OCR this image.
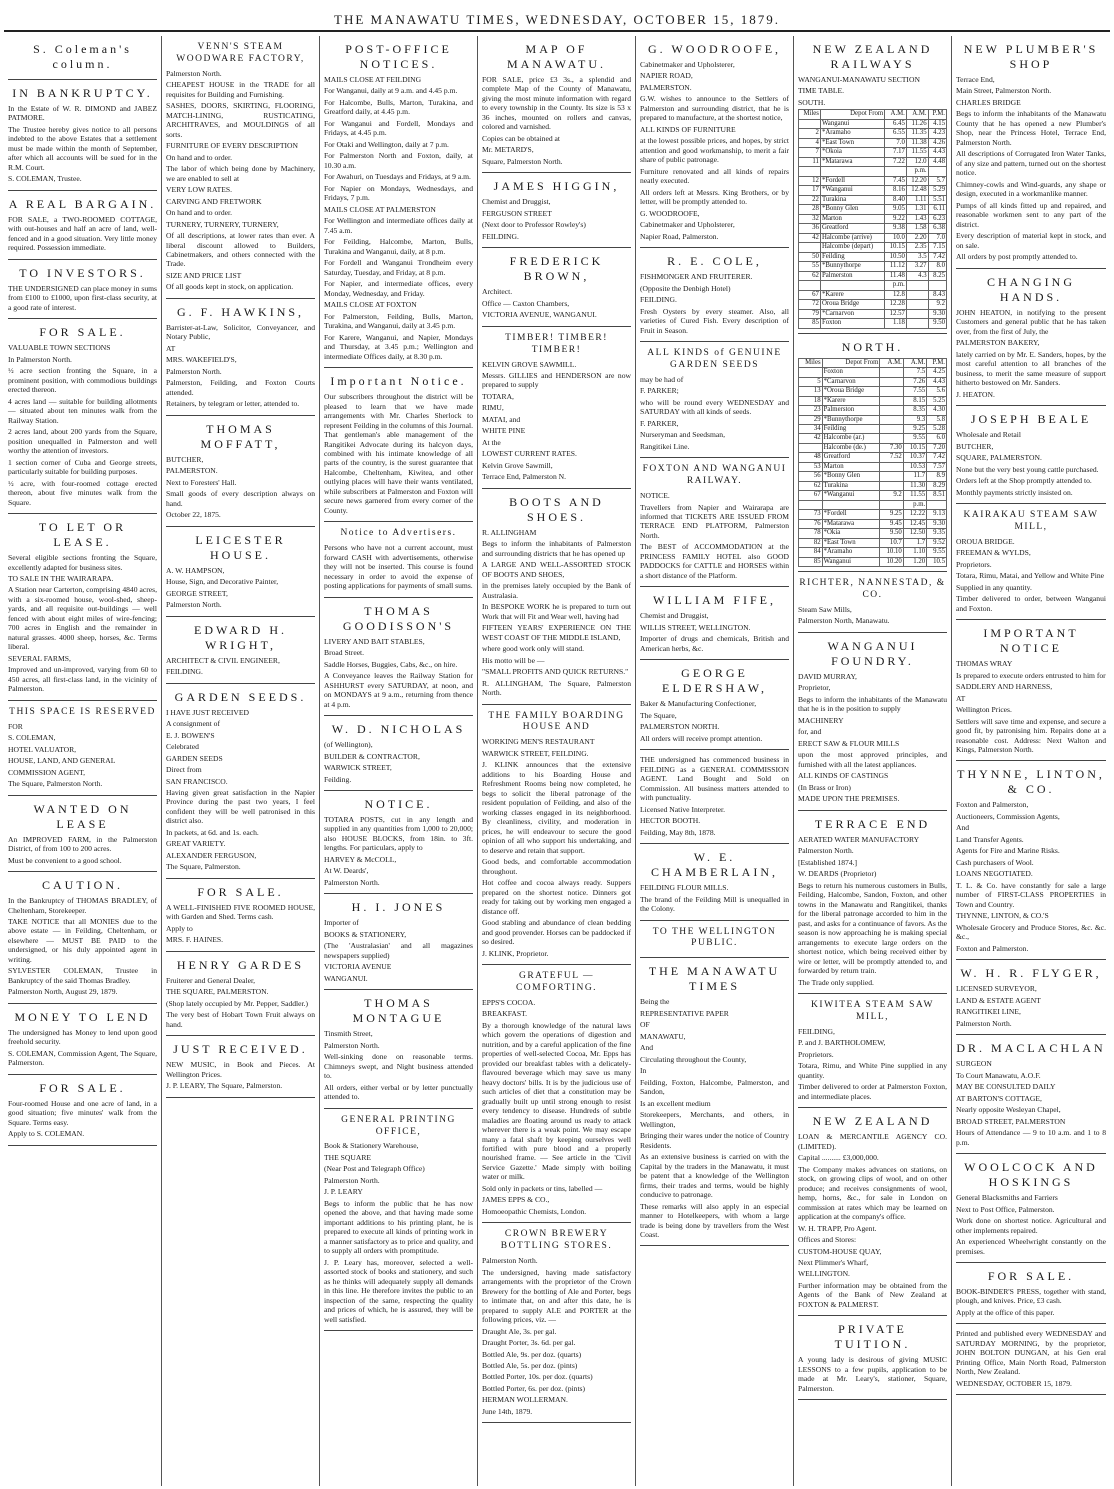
THE MANAWATU TIMES, WEDNESDAY, OCTOBER 15, 1879.
S. Coleman's column.
IN BANKRUPTCY.

In the Estate of W. R. DIMOND and JABEZ PATMORE.

The Trustee hereby gives notice to all persons indebted to the above Estates that a settlement must be made within the month of September, after which all accounts will be sued for in the R.M. Court.

S. COLEMAN, Trustee.

A REAL BARGAIN.

FOR SALE, a TWO-ROOMED COTTAGE, with out-houses and half an acre of land, well-fenced and in a good situation. Very little money required. Possession immediate.

TO INVESTORS.

THE UNDERSIGNED can place money in sums from £100 to £1000, upon first-class security, at a good rate of interest.

FOR SALE.

VALUABLE TOWN SECTIONS

In Palmerston North.

½ acre section fronting the Square, in a prominent position, with commodious buildings erected thereon.

4 acres land — suitable for building allotments — situated about ten minutes walk from the Railway Station.

2 acres land, about 200 yards from the Square, position unequalled in Palmerston and well worthy the attention of investors.

1 section corner of Cuba and George streets, particularly suitable for building purposes.

½ acre, with four-roomed cottage erected thereon, about five minutes walk from the Square.

TO LET OR LEASE.

Several eligible sections fronting the Square, excellently adapted for business sites.

TO SALE IN THE WAIRARAPA.

A Station near Carterton, comprising 4840 acres, with a six-roomed house, wool-shed, sheep-yards, and all requisite out-buildings — well fenced with about eight miles of wire-fencing; 700 acres in English and the remainder in natural grasses. 4000 sheep, horses, &c. Terms liberal.

SEVERAL FARMS,

Improved and un-improved, varying from 60 to 450 acres, all first-class land, in the vicinity of Palmerston.

THIS SPACE IS RESERVED

FOR

S. COLEMAN,

HOTEL VALUATOR,

HOUSE, LAND, AND GENERAL

COMMISSION AGENT,

The Square, Palmerston North.

WANTED ON LEASE

An IMPROVED FARM, in the Palmerston District, of from 100 to 200 acres.

Must be convenient to a good school.

CAUTION.

In the Bankruptcy of THOMAS BRADLEY, of Cheltenham, Storekeeper.

TAKE NOTICE that all MONIES due to the above estate — in Feilding, Cheltenham, or elsewhere — MUST BE PAID to the undersigned, or his duly appointed agent in writing.

SYLVESTER COLEMAN, Trustee in Bankruptcy of the said Thomas Bradley.

Palmerston North, August 29, 1879.

MONEY TO LEND

The undersigned has Money to lend upon good freehold security.

S. COLEMAN, Commission Agent, The Square, Palmerston.

FOR SALE.

Four-roomed House and one acre of land, in a good situation; five minutes' walk from the Square. Terms easy.

Apply to S. COLEMAN.

VENN'S STEAM WOODWARE FACTORY,

Palmerston North.

CHEAPEST HOUSE in the TRADE for all requisites for Building and Furnishing.

SASHES, DOORS, SKIRTING, FLOORING, MATCH-LINING, RUSTICATING, ARCHITRAVES, and MOULDINGS of all sorts.

FURNITURE OF EVERY DESCRIPTION

On hand and to order.

The labor of which being done by Machinery, we are enabled to sell at

VERY LOW RATES.

CARVING AND FRETWORK

On hand and to order.

TURNERY, TURNERY, TURNERY,

Of all descriptions, at lower rates than ever. A liberal discount allowed to Builders, Cabinetmakers, and others connected with the Trade.

SIZE AND PRICE LIST

Of all goods kept in stock, on application.

G. F. HAWKINS,

Barrister-at-Law, Solicitor, Conveyancer, and Notary Public,

AT

MRS. WAKEFIELD'S,

Palmerston North.

Palmerston, Feilding, and Foxton Courts attended.

Retainers, by telegram or letter, attended to.

THOMAS MOFFATT,

BUTCHER,

PALMERSTON.

Next to Foresters' Hall.

Small goods of every description always on hand.

October 22, 1875.

LEICESTER HOUSE.

A. W. HAMPSON,

House, Sign, and Decorative Painter,

GEORGE STREET,

Palmerston North.

EDWARD H. WRIGHT,

ARCHITECT & CIVIL ENGINEER,

FEILDING.

GARDEN SEEDS.

I HAVE JUST RECEIVED

A consignment of

E. J. BOWEN'S

Celebrated

GARDEN SEEDS

Direct from

SAN FRANCISCO.

Having given great satisfaction in the Napier Province during the past two years, I feel confident they will be well patronised in this district also.

In packets, at 6d. and 1s. each.

GREAT VARIETY.

ALEXANDER FERGUSON,

The Square, Palmerston.

FOR SALE.

A WELL-FINISHED FIVE ROOMED HOUSE, with Garden and Shed. Terms cash.

Apply to

MRS. F. HAINES.

HENRY GARDES

Fruiterer and General Dealer,

THE SQUARE, PALMERSTON.

(Shop lately occupied by Mr. Pepper, Saddler.)

The very best of Hobart Town Fruit always on hand.

JUST RECEIVED.

NEW MUSIC, in Book and Pieces. At Wellington Prices.

J. P. LEARY, The Square, Palmerston.

POST-OFFICE NOTICES.

MAILS CLOSE AT FEILDING

For Wanganui, daily at 9 a.m. and 4.45 p.m.

For Halcombe, Bulls, Marton, Turakina, and Greatford daily, at 4.45 p.m.

For Wanganui and Fordell, Mondays and Fridays, at 4.45 p.m.

For Otaki and Wellington, daily at 7 p.m.

For Palmerston North and Foxton, daily, at 10.30 a.m.

For Awahuri, on Tuesdays and Fridays, at 9 a.m.

For Napier on Mondays, Wednesdays, and Fridays, 7 p.m.

MAILS CLOSE AT PALMERSTON

For Wellington and intermediate offices daily at 7.45 a.m.

For Feilding, Halcombe, Marton, Bulls, Turakina and Wanganui, daily, at 8 p.m.

For Fordell and Wanganui Trondheim every Saturday, Tuesday, and Friday, at 8 p.m.

For Napier, and intermediate offices, every Monday, Wednesday, and Friday.

MAILS CLOSE AT FOXTON

For Palmerston, Feilding, Bulls, Marton, Turakina, and Wanganui, daily at 3.45 p.m.

For Karere, Wanganui, and Napier, Mondays and Thursday, at 3.45 p.m.; Wellington and intermediate Offices daily, at 8.30 p.m.

Important Notice.

Our subscribers throughout the district will be pleased to learn that we have made arrangements with Mr. Charles Sherlock to represent Feilding in the columns of this Journal. That gentleman's able management of the Rangitikei Advocate during its halcyon days, combined with his intimate knowledge of all parts of the country, is the surest guarantee that Halcombe, Cheltenham, Kiwitea, and other outlying places will have their wants ventilated, while subscribers at Palmerston and Foxton will secure news garnered from every corner of the County.

Notice to Advertisers.

Persons who have not a current account, must forward CASH with advertisements, otherwise they will not be inserted. This course is found necessary in order to avoid the expense of posting applications for payments of small sums.

THOMAS GOODISSON'S

LIVERY AND BAIT STABLES,

Broad Street.

Saddle Horses, Buggies, Cabs, &c., on hire.

A Conveyance leaves the Railway Station for ASHHURST every SATURDAY, at noon, and on MONDAYS at 9 a.m., returning from thence at 4 p.m.

W. D. NICHOLAS

(of Wellington),

BUILDER & CONTRACTOR,

WARWICK STREET,

Feilding.

NOTICE.

TOTARA POSTS, cut in any length and supplied in any quantities from 1,000 to 20,000; also HOUSE BLOCKS, from 18in. to 3ft. lengths. For particulars, apply to

HARVEY & McCOLL,

At W. Deards',

Palmerston North.

H. I. JONES

Importer of

BOOKS & STATIONERY,

(The 'Australasian' and all magazines newspapers supplied)

VICTORIA AVENUE

WANGANUI.

THOMAS MONTAGUE

Tinsmith Street,

Palmerston North.

Well-sinking done on reasonable terms. Chimneys swept, and Night business attended to.

All orders, either verbal or by letter punctually attended to.

GENERAL PRINTING OFFICE,

Book & Stationery Warehouse,

THE SQUARE

(Near Post and Telegraph Office)

Palmerston North.

J. P. LEARY

Begs to inform the public that he has now opened the above, and that having made some important additions to his printing plant, he is prepared to execute all kinds of printing work in a manner satisfactory as to price and quality, and to supply all orders with promptitude.

J. P. Leary has, moreover, selected a well-assorted stock of books and stationery, and such as he thinks will adequately supply all demands in this line. He therefore invites the public to an inspection of the same, respecting the quality and prices of which, he is assured, they will be well satisfied.

MAP OF MANAWATU.

FOR SALE, price £3 3s., a splendid and complete Map of the County of Manawatu, giving the most minute information with regard to every township in the County. Its size is 53 x 36 inches, mounted on rollers and canvas, colored and varnished.

Copies can be obtained at

Mr. METARD'S,

Square, Palmerston North.

JAMES HIGGIN,

Chemist and Druggist,

FERGUSON STREET

(Next door to Professor Rowley's)

FEILDING.

FREDERICK BROWN,

Architect.

Office — Caxton Chambers,

VICTORIA AVENUE, WANGANUI.

TIMBER! TIMBER! TIMBER!

KELVIN GROVE SAWMILL.

Messrs. GILLIES and HENDERSON are now prepared to supply

TOTARA,

RIMU,

MATAI, and

WHITE PINE

At the

LOWEST CURRENT RATES.

Kelvin Grove Sawmill,

Terrace End, Palmerston N.

BOOTS AND SHOES.

R. ALLINGHAM

Begs to inform the inhabitants of Palmerston and surrounding districts that he has opened up

A LARGE AND WELL-ASSORTED STOCK OF BOOTS AND SHOES,

in the premises lately occupied by the Bank of Australasia.

In BESPOKE WORK he is prepared to turn out Work that will Fit and Wear well, having had

FIFTEEN YEARS' EXPERIENCE ON THE WEST COAST OF THE MIDDLE ISLAND,

where good work only will stand.

His motto will be —

"SMALL PROFITS AND QUICK RETURNS."

R. ALLINGHAM, The Square, Palmerston North.

THE FAMILY BOARDING HOUSE AND

WORKING MEN'S RESTAURANT

WARWICK STREET, FEILDING.

J. KLINK announces that the extensive additions to his Boarding House and Refreshment Rooms being now completed, he begs to solicit the liberal patronage of the resident population of Feilding, and also of the working classes engaged in its neighborhood. By cleanliness, civility, and moderation in prices, he will endeavour to secure the good opinion of all who support his undertaking, and to deserve and retain that support.

Good beds, and comfortable accommodation throughout.

Hot coffee and cocoa always ready. Suppers prepared on the shortest notice. Dinners got ready for taking out by working men engaged a distance off.

Good stabling and abundance of clean bedding and good provender. Horses can be paddocked if so desired.

J. KLINK, Proprietor.

GRATEFUL — COMFORTING.

EPPS'S COCOA.

BREAKFAST.

By a thorough knowledge of the natural laws which govern the operations of digestion and nutrition, and by a careful application of the fine properties of well-selected Cocoa, Mr. Epps has provided our breakfast tables with a delicately-flavoured beverage which may save us many heavy doctors' bills. It is by the judicious use of such articles of diet that a constitution may be gradually built up until strong enough to resist every tendency to disease. Hundreds of subtle maladies are floating around us ready to attack wherever there is a weak point. We may escape many a fatal shaft by keeping ourselves well fortified with pure blood and a properly nourished frame. — See article in the 'Civil Service Gazette.' Made simply with boiling water or milk.

Sold only in packets or tins, labelled —

JAMES EPPS & CO.,

Homoeopathic Chemists, London.

CROWN BREWERY BOTTLING STORES.

Palmerston North.

The undersigned, having made satisfactory arrangements with the proprietor of the Crown Brewery for the bottling of Ale and Porter, begs to intimate that, on and after this date, he is prepared to supply ALE and PORTER at the following prices, viz. —

Draught Ale, 3s. per gal.

Draught Porter, 3s. 6d. per gal.

Bottled Ale, 9s. per doz. (quarts)

Bottled Ale, 5s. per doz. (pints)

Bottled Porter, 10s. per doz. (quarts)

Bottled Porter, 6s. per doz. (pints)

HERMAN WOLLERMAN.

June 14th, 1879.

G. WOODROOFE,

Cabinetmaker and Upholsterer,

NAPIER ROAD,

PALMERSTON.

G.W. wishes to announce to the Settlers of Palmerston and surrounding district, that he is prepared to manufacture, at the shortest notice,

ALL KINDS OF FURNITURE

at the lowest possible prices, and hopes, by strict attention and good workmanship, to merit a fair share of public patronage.

Furniture renovated and all kinds of repairs neatly executed.

All orders left at Messrs. King Brothers, or by letter, will be promptly attended to.

G. WOODROOFE,

Cabinetmaker and Upholsterer,

Napier Road, Palmerston.

R. E. COLE,

FISHMONGER AND FRUITERER.

(Opposite the Denbigh Hotel)

FEILDING.

Fresh Oysters by every steamer. Also, all varieties of Cured Fish. Every description of Fruit in Season.

ALL KINDS of GENUINE GARDEN SEEDS

may be had of

F. PARKER;

who will be round every WEDNESDAY and SATURDAY with all kinds of seeds.

F. PARKER,

Nurseryman and Seedsman,

Rangitikei Line.

FOXTON AND WANGANUI RAILWAY.

NOTICE.

Travellers from Napier and Wairarapa are informed that TICKETS ARE ISSUED FROM TERRACE END PLATFORM, Palmerston North.

The BEST of ACCOMMODATION at the PRINCESS FAMILY HOTEL also GOOD PADDOCKS for CATTLE and HORSES within a short distance of the Platform.

WILLIAM FIFE,

Chemist and Druggist,

WILLIS STREET, WELLINGTON.

Importer of drugs and chemicals, British and American herbs, &c.

GEORGE ELDERSHAW,

Baker & Manufacturing Confectioner,

The Square,

PALMERSTON NORTH.

All orders will receive prompt attention.

THE undersigned has commenced business in FEILDING as a GENERAL COMMISSION AGENT. Land Bought and Sold on Commission. All business matters attended to with punctuality.

Licensed Native Interpreter.

HECTOR BOOTH.

Feilding, May 8th, 1878.

W. E. CHAMBERLAIN,

FEILDING FLOUR MILLS.

The brand of the Feilding Mill is unequalled in the Colony.

TO THE WELLINGTON PUBLIC.
THE MANAWATU TIMES

Being the

REPRESENTATIVE PAPER

OF

MANAWATU,

And

Circulating throughout the County,

In

Feilding, Foxton, Halcombe, Palmerston, and Sandon,

Is an excellent medium

Storekeepers, Merchants, and others, in Wellington,

Bringing their wares under the notice of Country Residents.

As an extensive business is carried on with the Capital by the traders in the Manawatu, it must be patent that a knowledge of the Wellington firms, their trades and terms, would be highly conducive to patronage.

These remarks will also apply in an especial manner to Hotelkeepers, with whom a large trade is being done by travellers from the West Coast.

NEW ZEALAND RAILWAYS

WANGANUI-MANAWATU SECTION

TIME TABLE.

SOUTH.

Miles	Depot From	A.M.	A.M.	P.M.
	Wanganui	6.45	11.26	4.15
2	*Aramaho	6.55	11.35	4.23
4	*East Town	7.0	11.38	4.26
7	*Okoia	7.17	11.55	4.43
11	*Matarawa	7.22	12.0	4.48
			p.m.	
12	*Fordell	7.45	12.20	5.7
17	*Wanganui	8.16	12.48	5.29
22	Turakina	8.40	1.11	5.51
28	*Bonny Glen	9.05	1.31	6.11
32	Marton	9.22	1.43	6.23
36	Greatford	9.38	1.58	6.38
42	Halcombe (arrive)	10.0	2.20	7.0
	Halcombe (depart)	10.15	2.35	7.15
50	Feilding	10.50	3.5	7.42
55	*Bunnythorpe	11.12	3.27	8.0
62	Palmerston	11.48	4.3	8.25
		p.m.		
67	*Karere	12.8		8.43
72	Oroua Bridge	12.28		9.2
79	*Carnarvon	12.57		9.30
85	Foxton	1.18		9.50
NORTH.
Miles	Depot From	A.M.	A.M.	P.M.
	Foxton		7.5	4.25
5	*Carnarvon		7.26	4.43
13	*Oroua Bridge		7.55	5.6
18	*Karere		8.15	5.25
23	Palmerston		8.35	4.30
29	*Bunnythorpe		9.3	5.8
34	Feilding		9.25	5.28
42	Halcombe (ar.)		9.55	6.0
	Halcombe (de.)	7.30	10.15	7.20
48	Greatford	7.52	10.37	7.42
53	Marton		10.53	7.57
56	*Bonny Glen		11.7	8.9
62	Turakina		11.30	8.29
67	*Wanganui	9.2	11.55	8.51
			p.m.	
73	*Fordell	9.25	12.22	9.13
76	*Matarawa	9.45	12.45	9.30
78	*Okia	9.50	12.50	9.35
82	*East Town	10.7	1.7	9.52
84	*Aramaho	10.10	1.10	9.55
85	Wanganui	10.20	1.20	10.5
RICHTER, NANNESTAD, & CO.

Steam Saw Mills,

Palmerston North, Manawatu.

WANGANUI FOUNDRY.

DAVID MURRAY,

Proprietor,

Begs to inform the inhabitants of the Manawatu that he is in the position to supply

MACHINERY

for, and

ERECT SAW & FLOUR MILLS

upon the most approved principles, and furnished with all the latest appliances.

ALL KINDS OF CASTINGS

(In Brass or Iron)

MADE UPON THE PREMISES.

TERRACE END

AERATED WATER MANUFACTORY

Palmerston North.

[Established 1874.]

W. DEARDS (Proprietor)

Begs to return his numerous customers in Bulls, Feilding, Halcombe, Sandon, Foxton, and other towns in the Manawatu and Rangitikei, thanks for the liberal patronage accorded to him in the past, and asks for a continuance of favors. As the season is now approaching he is making special arrangements to execute large orders on the shortest notice, which being received either by wire or letter, will be promptly attended to, and forwarded by return train.

The Trade only supplied.

KIWITEA STEAM SAW MILL,

FEILDING,

P. and J. BARTHOLOMEW,

Proprietors.

Totara, Rimu, and White Pine supplied in any quantity.

Timber delivered to order at Palmerston Foxton, and intermediate places.

NEW ZEALAND

LOAN & MERCANTILE AGENCY CO. (LIMITED).

Capital .......... £3,000,000.

The Company makes advances on stations, on stock, on growing clips of wool, and on other produce; and receives consignments of wool, hemp, horns, &c., for sale in London on commission at rates which may be learned on application at the company's office.

W. H. TRAPP, Pro Agent.

Offices and Stores:

CUSTOM-HOUSE QUAY,

Next Plimmer's Wharf,

WELLINGTON.

Further information may be obtained from the Agents of the Bank of New Zealand at FOXTON & PALMERST.

PRIVATE TUITION.

A young lady is desirous of giving MUSIC LESSONS to a few pupils, application to be made at Mr. Leary's, stationer, Square, Palmerston.

NEW PLUMBER'S SHOP

Terrace End,

Main Street, Palmerston North.

CHARLES BRIDGE

Begs to inform the inhabitants of the Manawatu County that he has opened a new Plumber's Shop, near the Princess Hotel, Terrace End, Palmerston North.

All descriptions of Corrugated Iron Water Tanks, of any size and pattern, turned out on the shortest notice.

Chimney-cowls and Wind-guards, any shape or design, executed in a workmanlike manner.

Pumps of all kinds fitted up and repaired, and reasonable workmen sent to any part of the district.

Every description of material kept in stock, and on sale.

All orders by post promptly attended to.

CHANGING HANDS.

JOHN HEATON, in notifying to the present Customers and general public that he has taken over, from the first of July, the

PALMERSTON BAKERY,

lately carried on by Mr. E. Sanders, hopes, by the most careful attention to all branches of the business, to merit the same measure of support hitherto bestowed on Mr. Sanders.

J. HEATON.

JOSEPH BEALE

Wholesale and Retail

BUTCHER,

SQUARE, PALMERSTON.

None but the very best young cattle purchased.

Orders left at the Shop promptly attended to.

Monthly payments strictly insisted on.

KAIRAKAU STEAM SAW MILL,

OROUA BRIDGE.

FREEMAN & WYLDS,

Proprietors.

Totara, Rimu, Matai, and Yellow and White Pine

Supplied in any quantity.

Timber delivered to order, between Wanganui and Foxton.

IMPORTANT NOTICE

THOMAS WRAY

Is prepared to execute orders entrusted to him for

SADDLERY AND HARNESS,

AT

Wellington Prices.

Settlers will save time and expense, and secure a good fit, by patronising him. Repairs done at a reasonable cost. Address: Next Walton and Kings, Palmerston North.

THYNNE, LINTON, & CO.

Foxton and Palmerston,

Auctioneers, Commission Agents,

And

Land Transfer Agents.

Agents for Fire and Marine Risks.

Cash purchasers of Wool.

LOANS NEGOTIATED.

T. L. & Co. have constantly for sale a large number of FIRST-CLASS PROPERTIES in Town and Country.

THYNNE, LINTON, & CO.'S

Wholesale Grocery and Produce Stores, &c. &c. &c.,

Foxton and Palmerston.

W. H. R. FLYGER,

LICENSED SURVEYOR,

LAND & ESTATE AGENT

RANGITIKEI LINE,

Palmerston North.

DR. MACLACHLAN

SURGEON

To Court Manawatu, A.O.F.

MAY BE CONSULTED DAILY

AT BARTON'S COTTAGE,

Nearly opposite Wesleyan Chapel,

BROAD STREET, PALMERSTON

Hours of Attendance — 9 to 10 a.m. and 1 to 8 p.m.

WOOLCOCK AND HOSKINGS

General Blacksmiths and Farriers

Next to Post Office, Palmerston.

Work done on shortest notice. Agricultural and other implements repaired.

An experienced Wheelwright constantly on the premises.

FOR SALE.

BOOK-BINDER'S PRESS, together with stand, plough, and knives. Price, £3 cash.

Apply at the office of this paper.

Printed and published every WEDNESDAY and SATURDAY MORNING, by the proprietor, JOHN BOLTON DUNGAN, at his Gen eral Printing Office, Main North Road, Palmerston North, New Zealand.

WEDNESDAY, OCTOBER 15, 1879.
